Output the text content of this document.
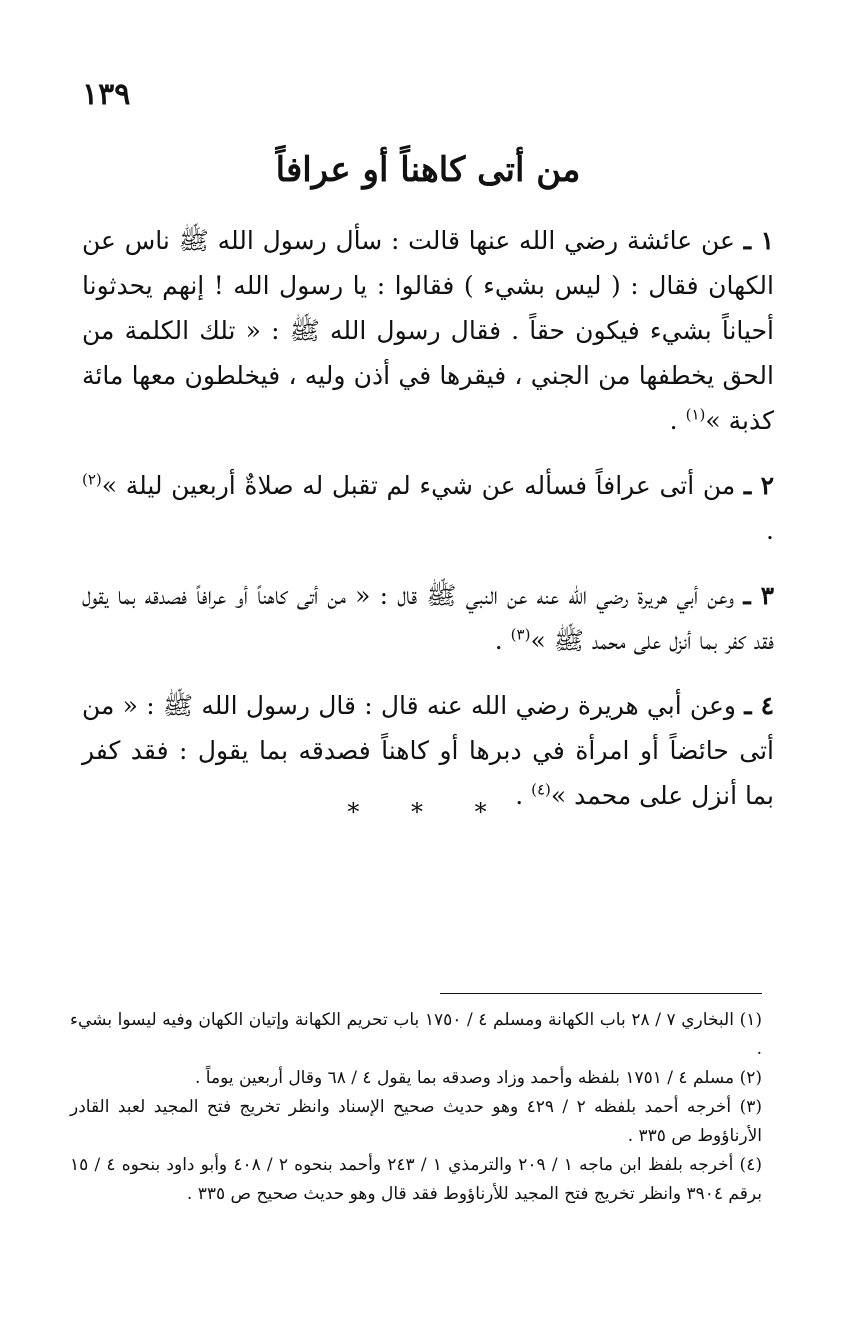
١٣٩
من أتى كاهناً أو عرافاً

١ ـ عن عائشة رضي الله عنها قالت : سأل رسول الله ﷺ ناس عن الكهان فقال : ( ليس بشيء ) فقالوا : يا رسول الله ! إنهم يحدثونا أحياناً بشيء فيكون حقاً . فقال رسول الله ﷺ : « تلك الكلمة من الحق يخطفها من الجني ، فيقرها في أذن وليه ، فيخلطون معها مائة كذبة »$^{(١)}$ .

٢ ـ من أتى عرافاً فسأله عن شيء لم تقبل له صلاةٌ أربعين ليلة »$^{(٢)}$ .

٣ ـ وعن أبي هريرة رضي الله عنه عن النبي ﷺ قال : « من أتى كاهناً أو عرافاً فصدقه بما يقول فقد كفر بما أنزل على محمد ﷺ »$^{(٣)}$ .

٤ ـ وعن أبي هريرة رضي الله عنه قال : قال رسول الله ﷺ : « من أتى حائضاً أو امرأة في دبرها أو كاهناً فصدقه بما يقول : فقد كفر بما أنزل على محمد »$^{(٤)}$ .

* * *

(١) البخاري ٧ / ٢٨ باب الكهانة ومسلم ٤ / ١٧٥٠ باب تحريم الكهانة وإتيان الكهان وفيه ليسوا بشيء .

(٢) مسلم ٤ / ١٧٥١ بلفظه وأحمد وزاد وصدقه بما يقول ٤ / ٦٨ وقال أربعين يوماً .

(٣) أخرجه أحمد بلفظه ٢ / ٤٢٩ وهو حديث صحيح الإسناد وانظر تخريج فتح المجيد لعبد القادر الأرناؤوط ص ٣٣٥ .

(٤) أخرجه بلفظ ابن ماجه ١ / ٢٠٩ والترمذي ١ / ٢٤٣ وأحمد بنحوه ٢ / ٤٠٨ وأبو داود بنحوه ٤ / ١٥ برقم ٣٩٠٤ وانظر تخريج فتح المجيد للأرناؤوط فقد قال وهو حديث صحيح ص ٣٣٥ .
